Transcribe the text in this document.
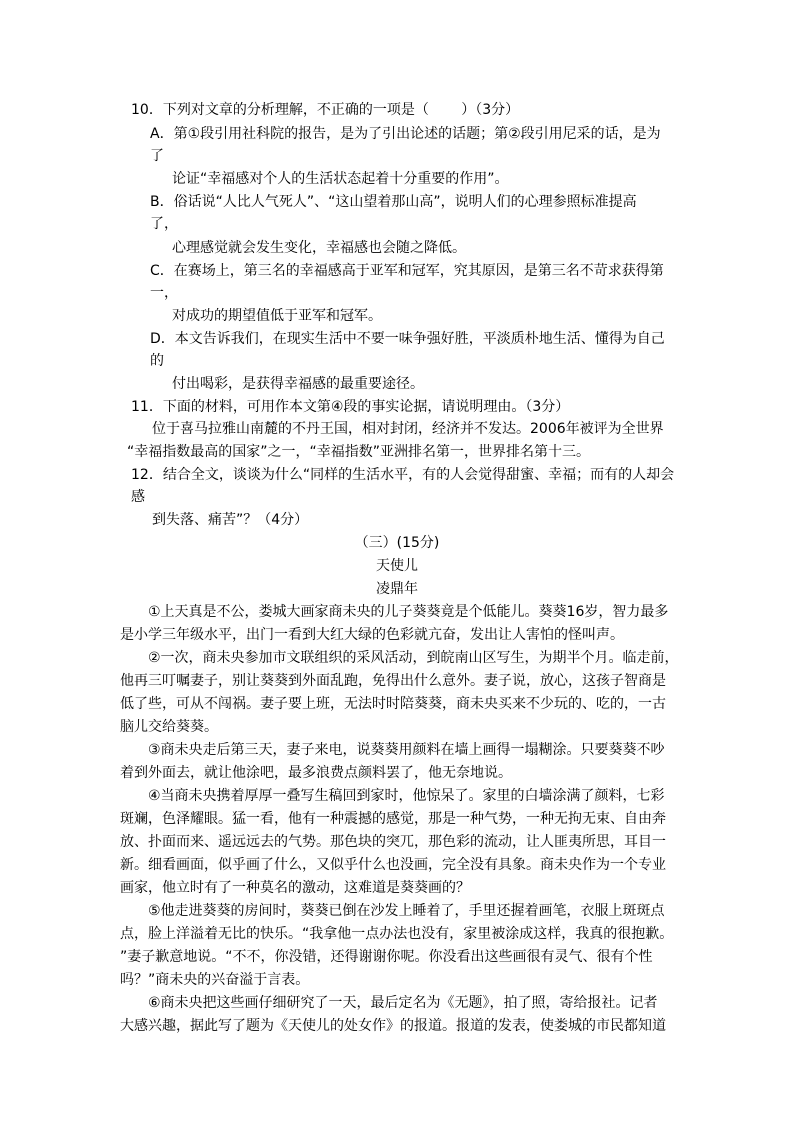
10．下列对文章的分析理解，不正确的一项是（　　 ）（3分）
A．第①段引用社科院的报告，是为了引出论述的话题；第②段引用尼采的话，是为
了
论证“幸福感对个人的生活状态起着十分重要的作用”。
B．俗话说“人比人气死人”、“这山望着那山高”，说明人们的心理参照标准提高
了，
心理感觉就会发生变化，幸福感也会随之降低。
C．在赛场上，第三名的幸福感高于亚军和冠军，究其原因，是第三名不苛求获得第
一，
对成功的期望值低于亚军和冠军。
D．本文告诉我们，在现实生活中不要一味争强好胜，平淡质朴地生活、懂得为自己
的
付出喝彩，是获得幸福感的最重要途径。
11．下面的材料，可用作本文第④段的事实论据，请说明理由。（3分）
位于喜马拉雅山南麓的不丹王国，相对封闭，经济并不发达。2006年被评为全世界
“幸福指数最高的国家”之一，“幸福指数”亚洲排名第一，世界排名第十三。
12．结合全文，谈谈为什么“同样的生活水平，有的人会觉得甜蜜、幸福；而有的人却会
感
到失落、痛苦”？（4分）
（三）(15分)
天使儿
凌鼎年
①上天真是不公，娄城大画家商未央的儿子葵葵竟是个低能儿。葵葵16岁，智力最多
是小学三年级水平，出门一看到大红大绿的色彩就亢奋，发出让人害怕的怪叫声。
②一次，商未央参加市文联组织的采风活动，到皖南山区写生，为期半个月。临走前，
他再三叮嘱妻子，别让葵葵到外面乱跑，免得出什么意外。妻子说，放心，这孩子智商是
低了些，可从不闯祸。妻子要上班，无法时时陪葵葵，商未央买来不少玩的、吃的，一古
脑儿交给葵葵。
③商未央走后第三天，妻子来电，说葵葵用颜料在墙上画得一塌糊涂。只要葵葵不吵
着到外面去，就让他涂吧，最多浪费点颜料罢了，他无奈地说。
④当商未央携着厚厚一叠写生稿回到家时，他惊呆了。家里的白墙涂满了颜料，七彩
斑斓，色泽耀眼。猛一看，他有一种震撼的感觉，那是一种气势，一种无拘无束、自由奔
放、扑面而来、遥远远去的气势。那色块的突兀，那色彩的流动，让人匪夷所思，耳目一
新。细看画面，似乎画了什么，又似乎什么也没画，完全没有具象。商未央作为一个专业
画家，他立时有了一种莫名的激动，这难道是葵葵画的？
⑤他走进葵葵的房间时，葵葵已倒在沙发上睡着了，手里还握着画笔，衣服上斑斑点
点，脸上洋溢着无比的快乐。“我拿他一点办法也没有，家里被涂成这样，我真的很抱歉。
”妻子歉意地说。“不不，你没错，还得谢谢你呢。你没看出这些画很有灵气、很有个性
吗？”商未央的兴奋溢于言表。
⑥商未央把这些画仔细研究了一天，最后定名为《无题》，拍了照，寄给报社。记者
大感兴趣，据此写了题为《天使儿的处女作》的报道。报道的发表，使娄城的市民都知道
